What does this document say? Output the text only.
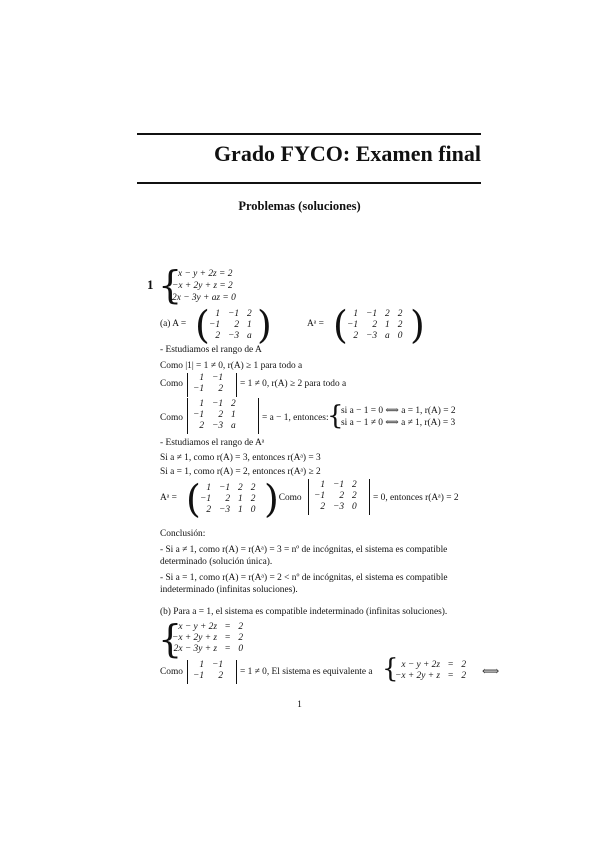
Grado FYCO: Examen final
Problemas (soluciones)
1 {
x − y + 2z = 2
−x + 2y + z = 2
2x − 3y + az = 0
(a) A = ( 1	−1	2
−1	2	1
2	−3	a )	Aᵃ = ( 1	−1	2	2
−1	2	1	2
2	−3	a	0 )
- Estudiamos el rango de A
Como |1| = 1 ≠ 0, r(A) ≥ 1 para todo a
Como
1	−1
−1	2 = 1 ≠ 0, r(A) ≥ 2 para todo a
Como
1	−1	2
−1	2	1
2	−3	a
= a − 1, entonces:
{
si a − 1 = 0 ⟺ a = 1, r(A) = 2
si a − 1 ≠ 0 ⟺ a ≠ 1, r(A) = 3
- Estudiamos el rango de Aᵃ
Si a ≠ 1, como r(A) = 3, entonces r(Aᵃ) = 3
Si a = 1, como r(A) = 2, entonces r(Aᵃ) ≥ 2
Aᵃ = ( 1	−1	2	2
−1	2	1	2
2	−3	1	0 )
. Como
1	−1	2
−1	2	2
2	−3	0
= 0, entonces r(Aᵃ) = 2
Conclusión:
- Si a ≠ 1, como r(A) = r(Aᵃ) = 3 = nº de incógnitas, el sistema es compatible
determinado (solución única).
- Si a = 1, como r(A) = r(Aᵃ) = 2 < nº de incógnitas, el sistema es compatible
indeterminado (infinitas soluciones).
(b) Para a = 1, el sistema es compatible indeterminado (infinitas soluciones).
{
x − y + 2z	=	2
−x + 2y + z	=	2
2x − 3y + z	=	0
Como
1	−1
−1	2 = 1 ≠ 0, El sistema es equivalente a { x − y + 2z	=	2
−x + 2y + z	=	2 ⟺
1
